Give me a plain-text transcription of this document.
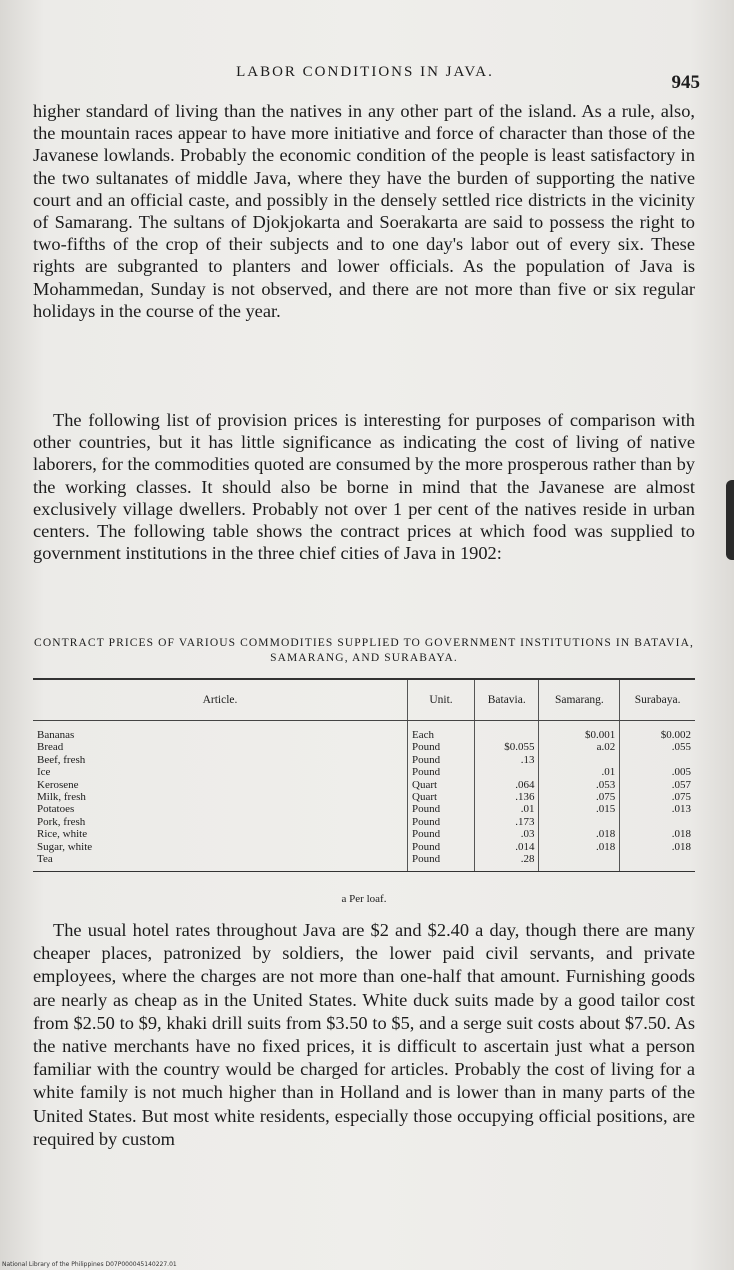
LABOR CONDITIONS IN JAVA.	945

higher standard of living than the natives in any other part of the island. As a rule, also, the mountain races appear to have more initiative and force of character than those of the Javanese lowlands. Probably the economic condition of the people is least satisfactory in the two sultanates of middle Java, where they have the burden of supporting the native court and an official caste, and possibly in the densely settled rice districts in the vicinity of Samarang. The sultans of Djokjokarta and Soerakarta are said to possess the right to two-fifths of the crop of their subjects and to one day's labor out of every six. These rights are subgranted to planters and lower officials. As the population of Java is Mohammedan, Sunday is not observed, and there are not more than five or six regular holidays in the course of the year.

The following list of provision prices is interesting for purposes of comparison with other countries, but it has little significance as indicating the cost of living of native laborers, for the commodities quoted are consumed by the more prosperous rather than by the working classes. It should also be borne in mind that the Javanese are almost exclusively village dwellers. Probably not over 1 per cent of the natives reside in urban centers. The following table shows the contract prices at which food was supplied to government institutions in the three chief cities of Java in 1902:

CONTRACT PRICES OF VARIOUS COMMODITIES SUPPLIED TO GOVERNMENT INSTITUTIONS IN BATAVIA, SAMARANG, AND SURABAYA.
Article.	Unit.	Batavia.	Samarang.	Surabaya.
Bananas	Each		$0.001	$0.002
Bread	Pound	$0.055	a.02	.055
Beef, fresh	Pound	.13		
Ice	Pound		.01	.005
Kerosene	Quart	.064	.053	.057
Milk, fresh	Quart	.136	.075	.075
Potatoes	Pound	.01	.015	.013
Pork, fresh	Pound	.173		
Rice, white	Pound	.03	.018	.018
Sugar, white	Pound	.014	.018	.018
Tea	Pound	.28		
a Per loaf.

The usual hotel rates throughout Java are $2 and $2.40 a day, though there are many cheaper places, patronized by soldiers, the lower paid civil servants, and private employees, where the charges are not more than one-half that amount. Furnishing goods are nearly as cheap as in the United States. White duck suits made by a good tailor cost from $2.50 to $9, khaki drill suits from $3.50 to $5, and a serge suit costs about $7.50. As the native merchants have no fixed prices, it is difficult to ascertain just what a person familiar with the country would be charged for articles. Probably the cost of living for a white family is not much higher than in Holland and is lower than in many parts of the United States. But most white residents, especially those occupying official positions, are required by custom

National Library of the Philippines D07P000045140227.01
